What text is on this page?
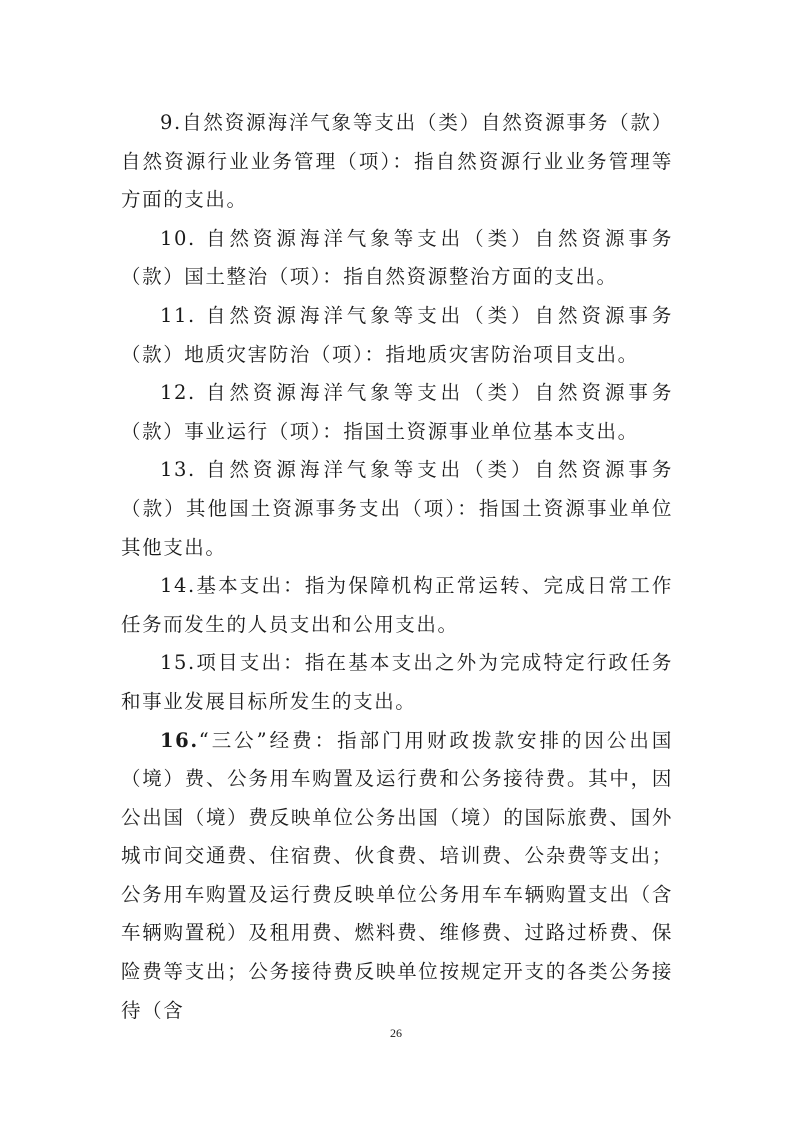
9.自然资源海洋气象等支出（类）自然资源事务（款）自然资源行业业务管理（项）：指自然资源行业业务管理等方面的支出。

10. 自然资源海洋气象等支出（类）自然资源事务（款）国土整治（项）：指自然资源整治方面的支出。

11. 自然资源海洋气象等支出（类）自然资源事务（款）地质灾害防治（项）：指地质灾害防治项目支出。

12. 自然资源海洋气象等支出（类）自然资源事务（款）事业运行（项）：指国土资源事业单位基本支出。

13. 自然资源海洋气象等支出（类）自然资源事务（款）其他国土资源事务支出（项）：指国土资源事业单位其他支出。

14.基本支出：指为保障机构正常运转、完成日常工作任务而发生的人员支出和公用支出。

15.项目支出：指在基本支出之外为完成特定行政任务和事业发展目标所发生的支出。

16.“三公”经费：指部门用财政拨款安排的因公出国（境）费、公务用车购置及运行费和公务接待费。其中，因公出国（境）费反映单位公务出国（境）的国际旅费、国外城市间交通费、住宿费、伙食费、培训费、公杂费等支出；公务用车购置及运行费反映单位公务用车车辆购置支出（含车辆购置税）及租用费、燃料费、维修费、过路过桥费、保险费等支出；公务接待费反映单位按规定开支的各类公务接待（含

26
